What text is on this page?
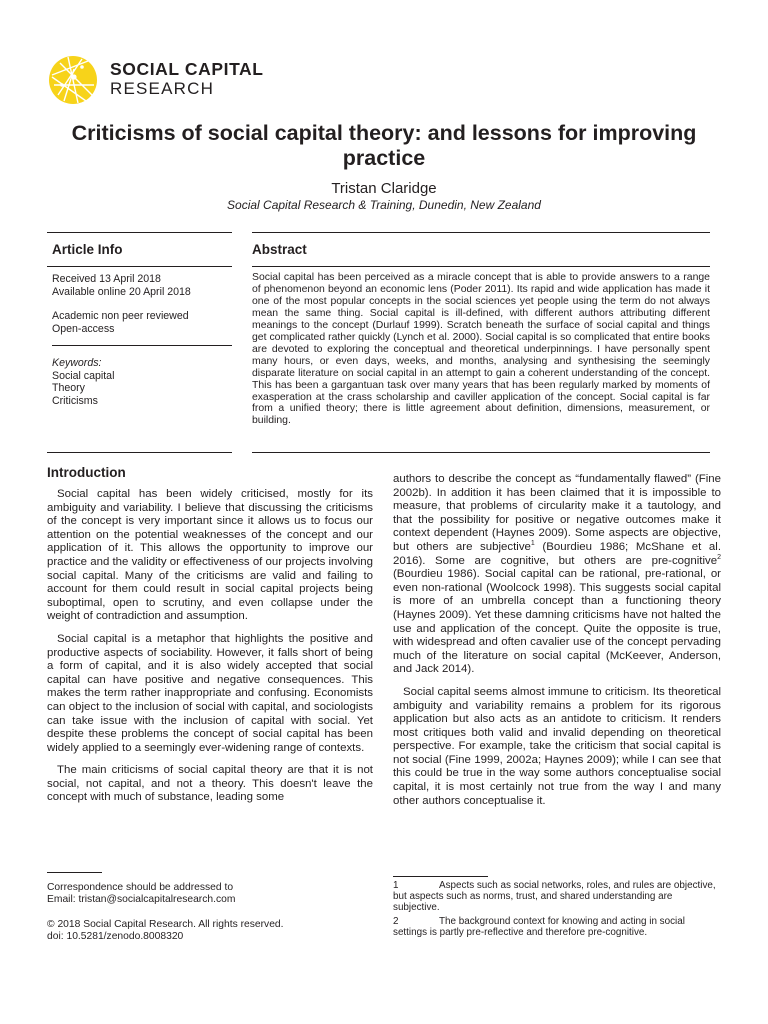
SOCIAL CAPITAL
RESEARCH
Criticisms of social capital theory: and lessons for improving practice
Tristan Claridge
Social Capital Research & Training, Dunedin, New Zealand
Article Info	Abstract
Received 13 April 2018
Available online 20 April 2018
Academic non peer reviewed
Open-access
Keywords:
Social capital
Theory
Criticisms
Social capital has been perceived as a miracle concept that is able to provide answers to a range of phenomenon beyond an economic lens (Poder 2011). Its rapid and wide application has made it one of the most popular concepts in the social sciences yet people using the term do not always mean the same thing. Social capital is ill-defined, with different authors attributing different meanings to the concept (Durlauf 1999). Scratch beneath the surface of social capital and things get complicated rather quickly (Lynch et al. 2000). Social capital is so complicated that entire books are devoted to exploring the conceptual and theoretical underpinnings. I have personally spent many hours, or even days, weeks, and months, analysing and synthesising the seemingly disparate literature on social capital in an attempt to gain a coherent understanding of the concept. This has been a gargantuan task over many years that has been regularly marked by moments of exasperation at the crass scholarship and caviller application of the concept. Social capital is far from a unified theory; there is little agreement about definition, dimensions, measurement, or building.
Introduction

Social capital has been widely criticised, mostly for its ambiguity and variability. I believe that discussing the criticisms of the concept is very important since it allows us to focus our attention on the potential weaknesses of the concept and our application of it. This allows the opportunity to improve our practice and the validity or effectiveness of our projects involving social capital. Many of the criticisms are valid and failing to account for them could result in social capital projects being suboptimal, open to scrutiny, and even collapse under the weight of contradiction and assumption.

Social capital is a metaphor that highlights the positive and productive aspects of sociability. However, it falls short of being a form of capital, and it is also widely accepted that social capital can have positive and negative consequences. This makes the term rather inappropriate and confusing. Economists can object to the inclusion of social with capital, and sociologists can take issue with the inclusion of capital with social. Yet despite these problems the concept of social capital has been widely applied to a seemingly ever-widening range of contexts.

The main criticisms of social capital theory are that it is not social, not capital, and not a theory. This doesn't leave the concept with much of substance, leading some

authors to describe the concept as “fundamentally flawed” (Fine 2002b). In addition it has been claimed that it is impossible to measure, that problems of circularity make it a tautology, and that the possibility for positive or negative outcomes make it context dependent (Haynes 2009). Some aspects are objective, but others are subjective$^1$ (Bourdieu 1986; McShane et al. 2016). Some are cognitive, but others are pre-cognitive$^2$ (Bourdieu 1986). Social capital can be rational, pre-rational, or even non-rational (Woolcock 1998). This suggests social capital is more of an umbrella concept than a functioning theory (Haynes 2009). Yet these damning criticisms have not halted the use and application of the concept. Quite the opposite is true, with widespread and often cavalier use of the concept pervading much of the literature on social capital (McKeever, Anderson, and Jack 2014).

Social capital seems almost immune to criticism. Its theoretical ambiguity and variability remains a problem for its rigorous application but also acts as an antidote to criticism. It renders most critiques both valid and invalid depending on theoretical perspective. For example, take the criticism that social capital is not social (Fine 1999, 2002a; Haynes 2009); while I can see that this could be true in the way some authors conceptualise social capital, it is most certainly not true from the way I and many other authors conceptualise it.

Correspondence should be addressed to
Email: tristan@socialcapitalresearch.com
© 2018 Social Capital Research. All rights reserved.
doi: 10.5281/zenodo.8008320
1	Aspects such as social networks, roles, and rules are objective, but aspects such as norms, trust, and shared understanding are subjective.
2	The background context for knowing and acting in social settings is partly pre-reflective and therefore pre-cognitive.
